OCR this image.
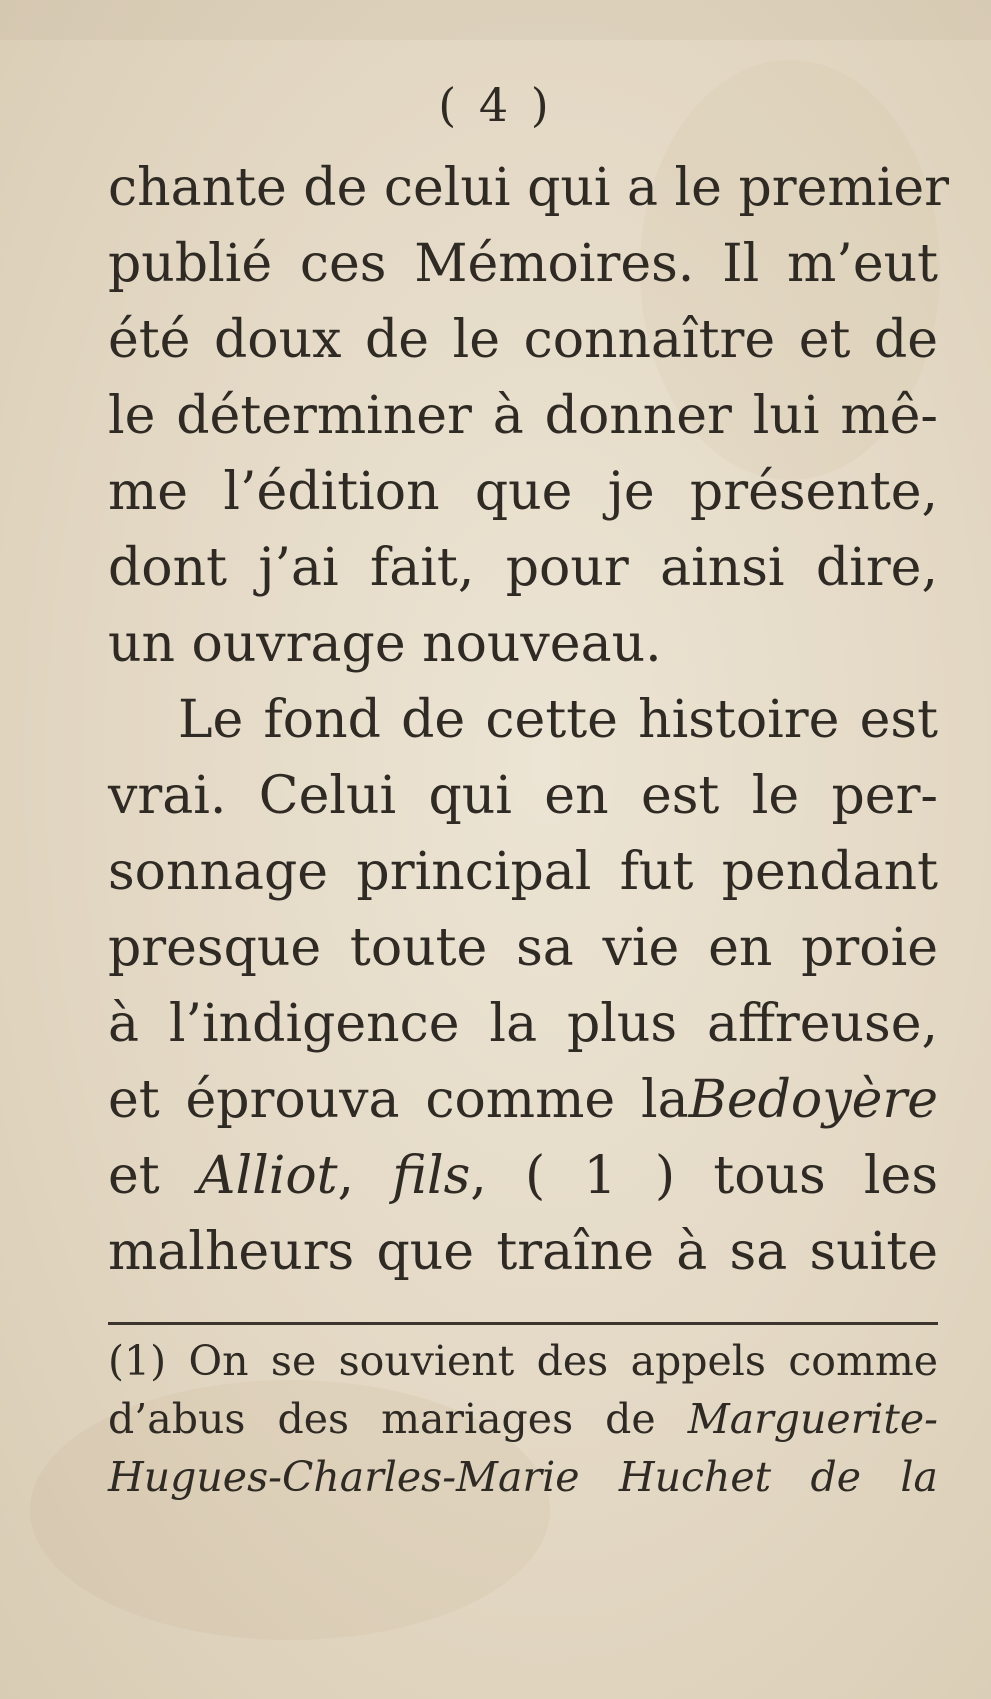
( 4 )
chante de celui qui a le premier
publié ces Mémoires. Il m’eut
été doux de le connaître et de
le déterminer à donner lui mê-
me l’édition que je présente,
dont j’ai fait, pour ainsi dire,
un ouvrage nouveau.
Le fond de cette histoire est
vrai. Celui qui en est le per-
sonnage principal fut pendant
presque toute sa vie en proie
à l’indigence la plus affreuse,
et éprouva comme laBedoyère
et Alliot, fils, ( 1 ) tous les
malheurs que traîne à sa suite
(1) On se souvient des appels comme
d’abus des mariages de Marguerite-
Hugues-Charles-Marie Huchet de la
